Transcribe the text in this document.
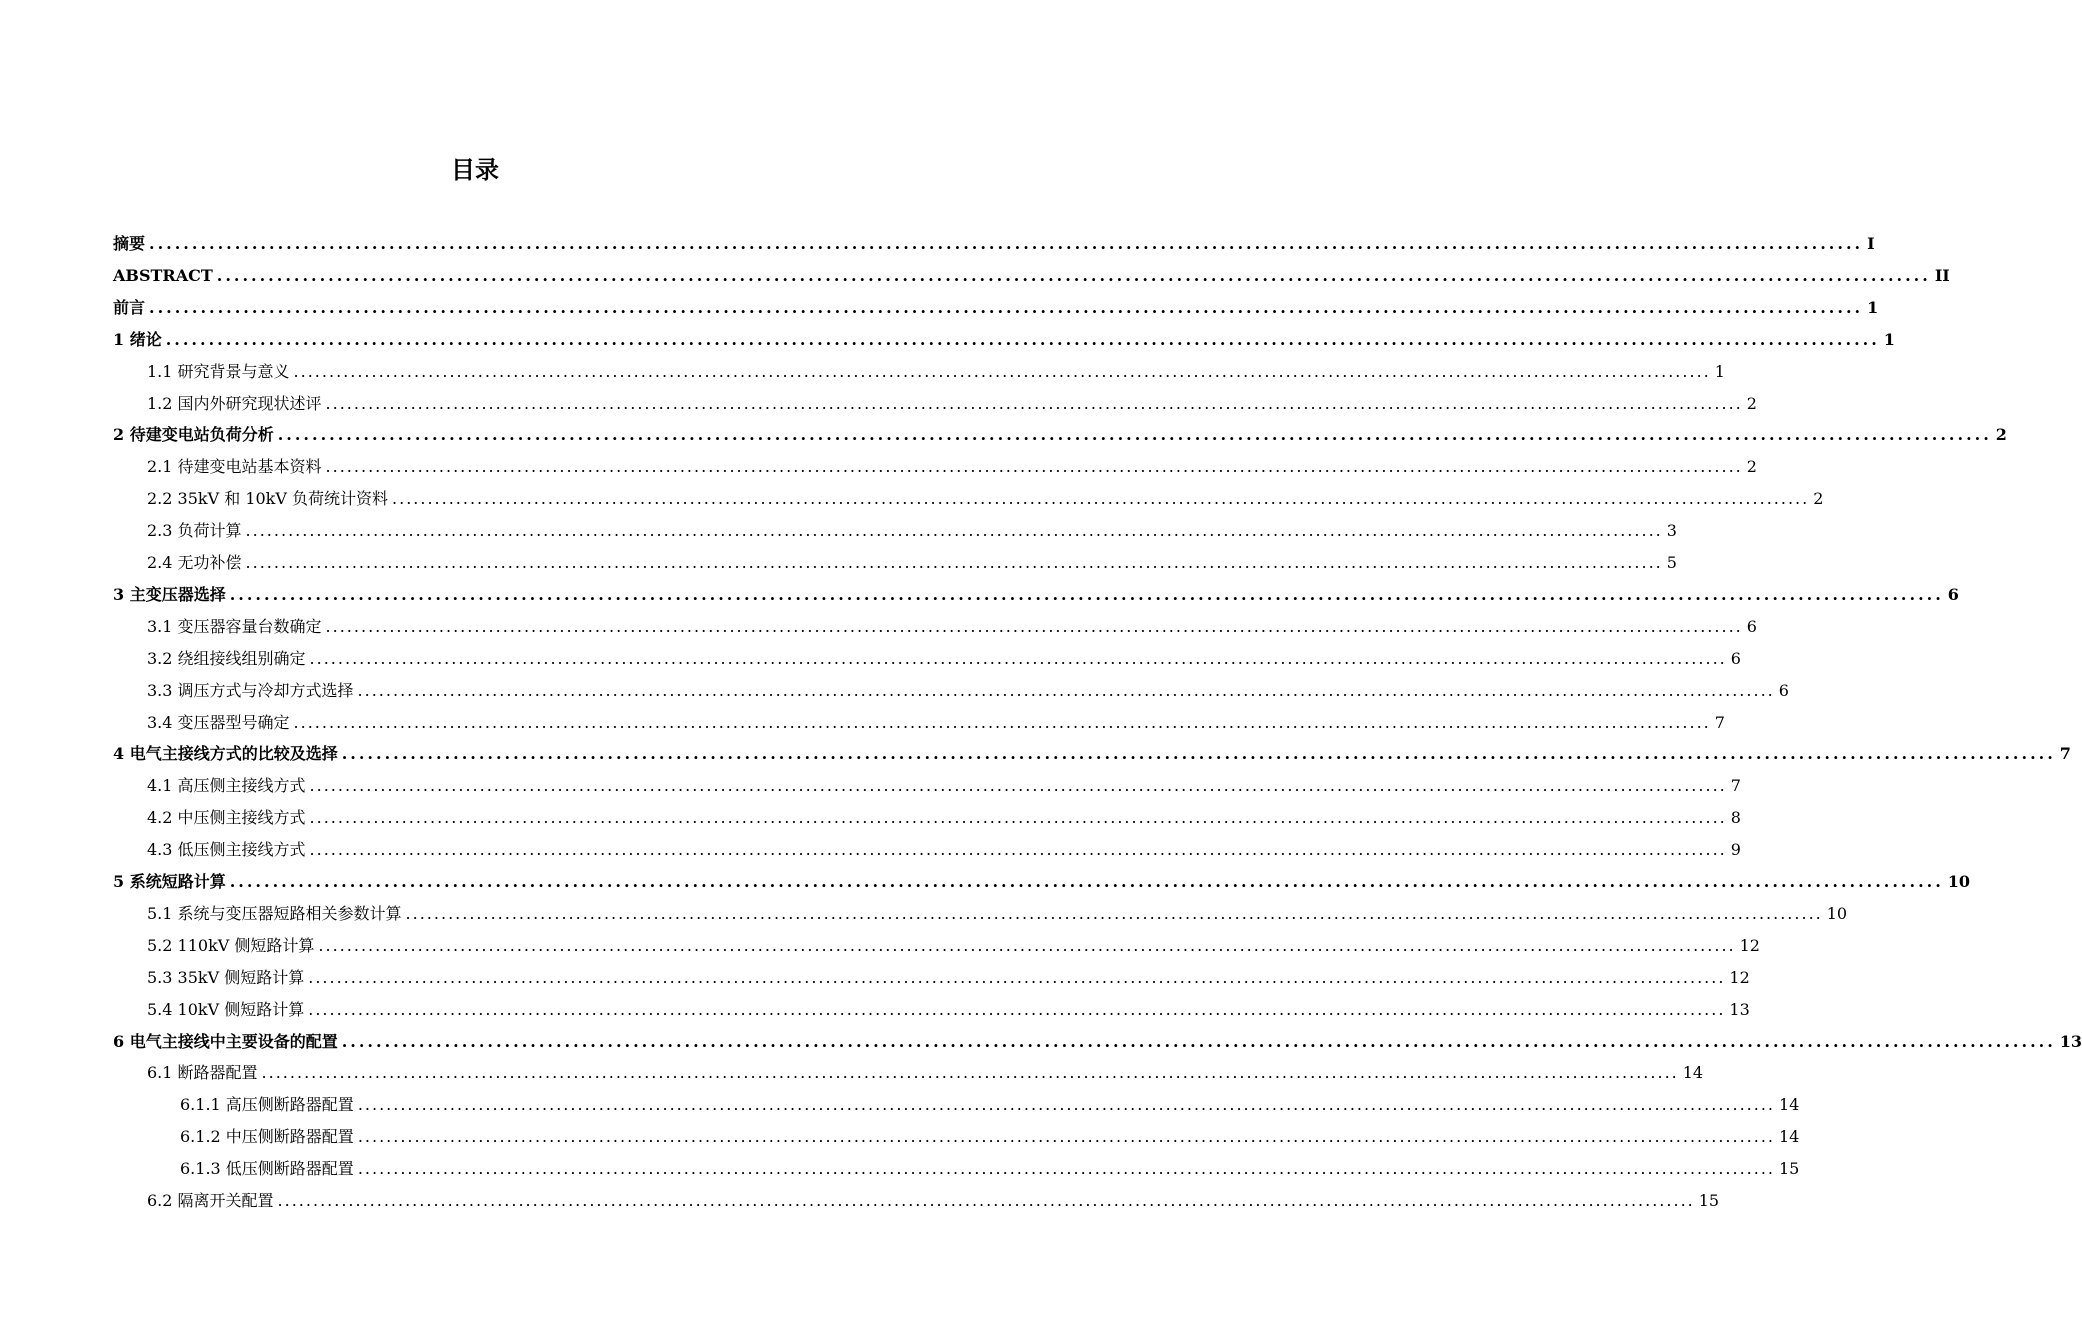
目录
摘要 ........................................................................................................................................................................................................ I
ABSTRACT ........................................................................................................................................................................................................ II
前言 ........................................................................................................................................................................................................ 1
1 绪论 ........................................................................................................................................................................................................ 1
1.1 研究背景与意义 ........................................................................................................................................................................................................ 1
1.2 国内外研究现状述评 ........................................................................................................................................................................................................ 2
2 待建变电站负荷分析 ........................................................................................................................................................................................................ 2
2.1 待建变电站基本资料 ........................................................................................................................................................................................................ 2
2.2 35kV 和 10kV 负荷统计资料 ........................................................................................................................................................................................................ 2
2.3 负荷计算 ........................................................................................................................................................................................................ 3
2.4 无功补偿 ........................................................................................................................................................................................................ 5
3 主变压器选择 ........................................................................................................................................................................................................ 6
3.1 变压器容量台数确定 ........................................................................................................................................................................................................ 6
3.2 绕组接线组别确定 ........................................................................................................................................................................................................ 6
3.3 调压方式与冷却方式选择 ........................................................................................................................................................................................................ 6
3.4 变压器型号确定 ........................................................................................................................................................................................................ 7
4 电气主接线方式的比较及选择 ........................................................................................................................................................................................................ 7
4.1 高压侧主接线方式 ........................................................................................................................................................................................................ 7
4.2 中压侧主接线方式 ........................................................................................................................................................................................................ 8
4.3 低压侧主接线方式 ........................................................................................................................................................................................................ 9
5 系统短路计算 ........................................................................................................................................................................................................ 10
5.1 系统与变压器短路相关参数计算 ........................................................................................................................................................................................................ 10
5.2 110kV 侧短路计算 ........................................................................................................................................................................................................ 12
5.3 35kV 侧短路计算 ........................................................................................................................................................................................................ 12
5.4 10kV 侧短路计算 ........................................................................................................................................................................................................ 13
6 电气主接线中主要设备的配置 ........................................................................................................................................................................................................ 13
6.1 断路器配置 ........................................................................................................................................................................................................ 14
6.1.1 高压侧断路器配置 ........................................................................................................................................................................................................ 14
6.1.2 中压侧断路器配置 ........................................................................................................................................................................................................ 14
6.1.3 低压侧断路器配置 ........................................................................................................................................................................................................ 15
6.2 隔离开关配置 ........................................................................................................................................................................................................ 15
